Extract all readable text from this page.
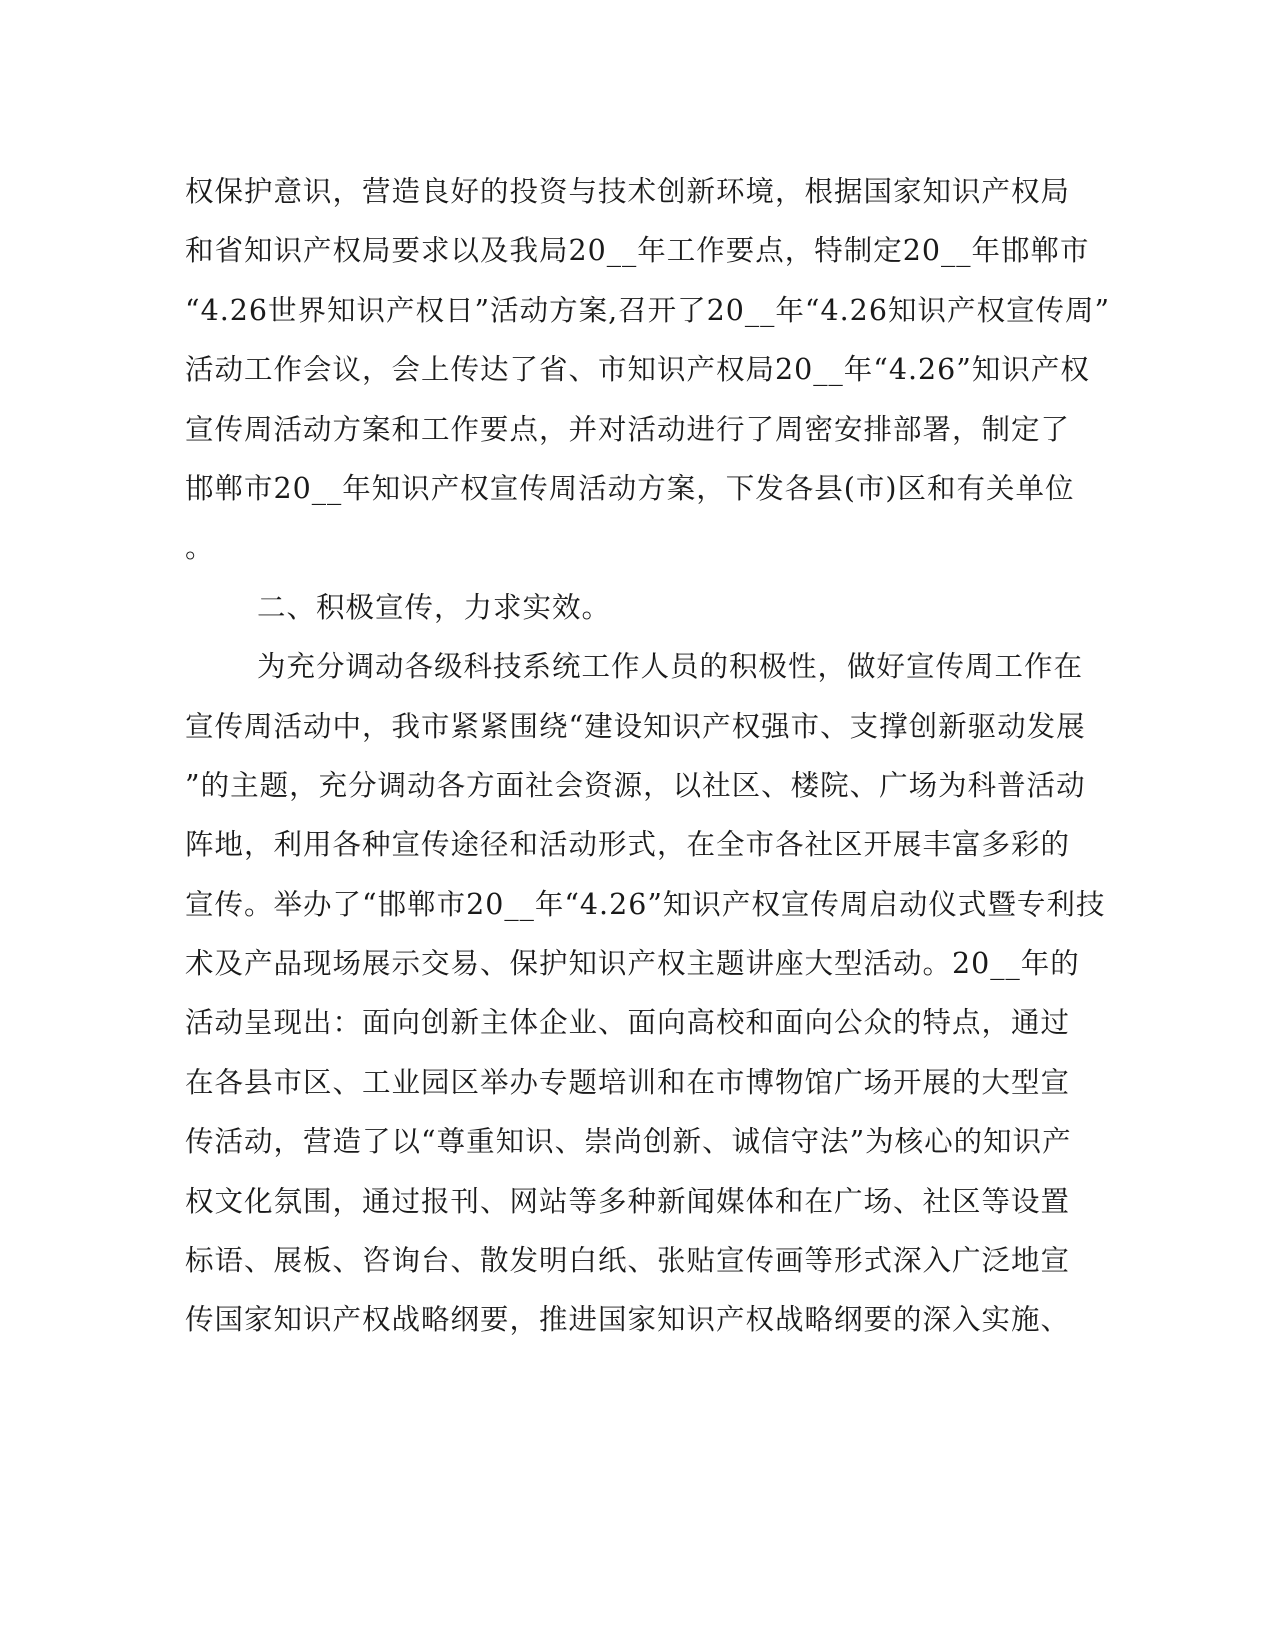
权保护意识，营造良好的投资与技术创新环境，根据国家知识产权局
和省知识产权局要求以及我局20__年工作要点，特制定20__年邯郸市
“4.26世界知识产权日”活动方案,召开了20__年“4.26知识产权宣传周”
活动工作会议，会上传达了省、市知识产权局20__年“4.26”知识产权
宣传周活动方案和工作要点，并对活动进行了周密安排部署，制定了
邯郸市20__年知识产权宣传周活动方案，下发各县(市)区和有关单位
。
二、积极宣传，力求实效。
为充分调动各级科技系统工作人员的积极性，做好宣传周工作在
宣传周活动中，我市紧紧围绕“建设知识产权强市、支撑创新驱动发展
”的主题，充分调动各方面社会资源，以社区、楼院、广场为科普活动
阵地，利用各种宣传途径和活动形式，在全市各社区开展丰富多彩的
宣传。举办了“邯郸市20__年“4.26”知识产权宣传周启动仪式暨专利技
术及产品现场展示交易、保护知识产权主题讲座大型活动。20__年的
活动呈现出：面向创新主体企业、面向高校和面向公众的特点，通过
在各县市区、工业园区举办专题培训和在市博物馆广场开展的大型宣
传活动，营造了以“尊重知识、崇尚创新、诚信守法”为核心的知识产
权文化氛围，通过报刊、网站等多种新闻媒体和在广场、社区等设置
标语、展板、咨询台、散发明白纸、张贴宣传画等形式深入广泛地宣
传国家知识产权战略纲要，推进国家知识产权战略纲要的深入实施、
